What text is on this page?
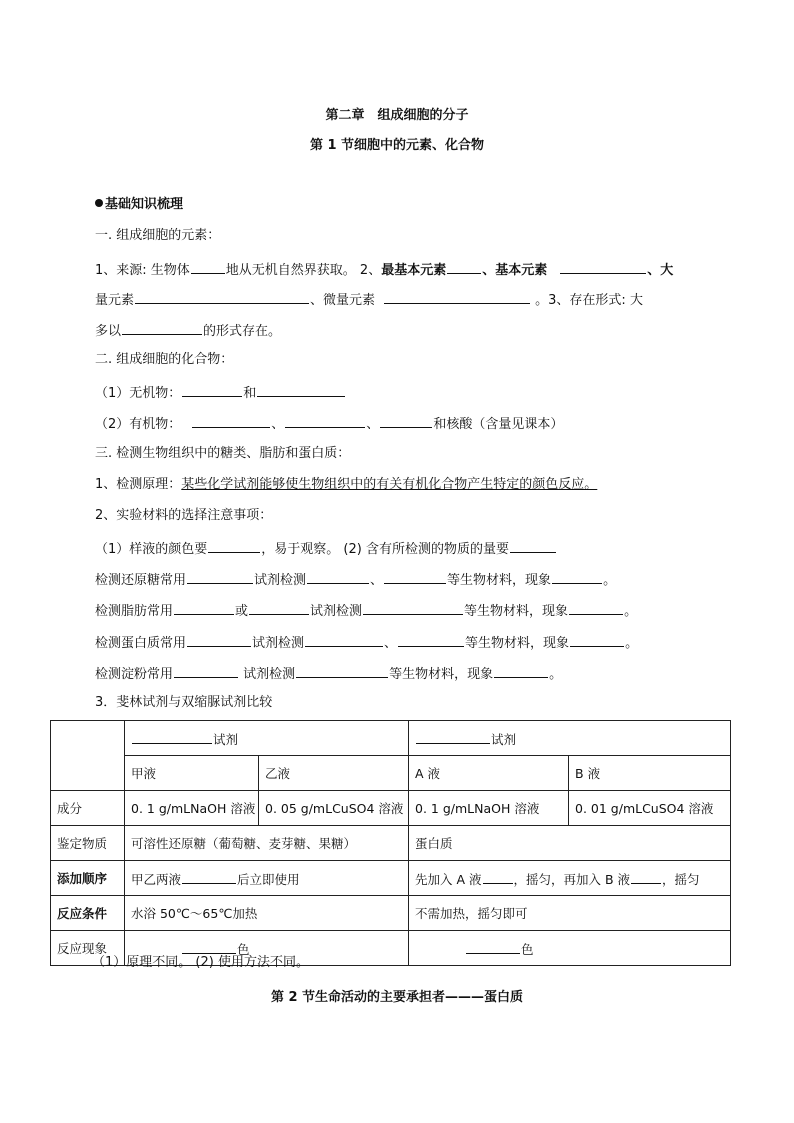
第二章　组成细胞的分子
第 1 节细胞中的元素、化合物
基础知识梳理
一. 组成细胞的元素：
1、来源: 生物体	地从无机自然界获取。 2、最基本元素	、基本元素	、大
量元素	、微量元素	。3、存在形式: 大
多以	的形式存在。
二. 组成细胞的化合物：
（1）无机物：	和
（2）有机物：	、	、	和核酸（含量见课本）
三. 检测生物组织中的糖类、脂肪和蛋白质：
1、检测原理：某些化学试剂能够使生物组织中的有关有机化合物产生特定的颜色反应。
2、实验材料的选择注意事项：
（1）样液的颜色要	，易于观察。 (2) 含有所检测的物质的量要
检测还原糖常用	试剂检测	、	等生物材料，现象	。
检测脂肪常用	或	试剂检测	等生物材料，现象	。
检测蛋白质常用	试剂检测	、	等生物材料，现象	。
检测淀粉常用	试剂检测	等生物材料，现象	。
3．斐林试剂与双缩脲试剂比较
	试剂		试剂	
	甲液	乙液	A 液	B 液
成分	0. 1 g/mLNaOH 溶液	0. 05 g/mLCuSO4 溶液	0. 1 g/mLNaOH 溶液	0. 01 g/mLCuSO4 溶液
鉴定物质	可溶性还原糖（葡萄糖、麦芽糖、果糖）		蛋白质	
添加顺序	甲乙两液 后立即使用		先加入 A 液 ，摇匀，再加入 B 液 ，摇匀	
反应条件	水浴 50℃～65℃加热		不需加热，摇匀即可	
反应现象	色		色	
（1）原理不同。 (2) 使用方法不同。
第 2 节生命活动的主要承担者———蛋白质
